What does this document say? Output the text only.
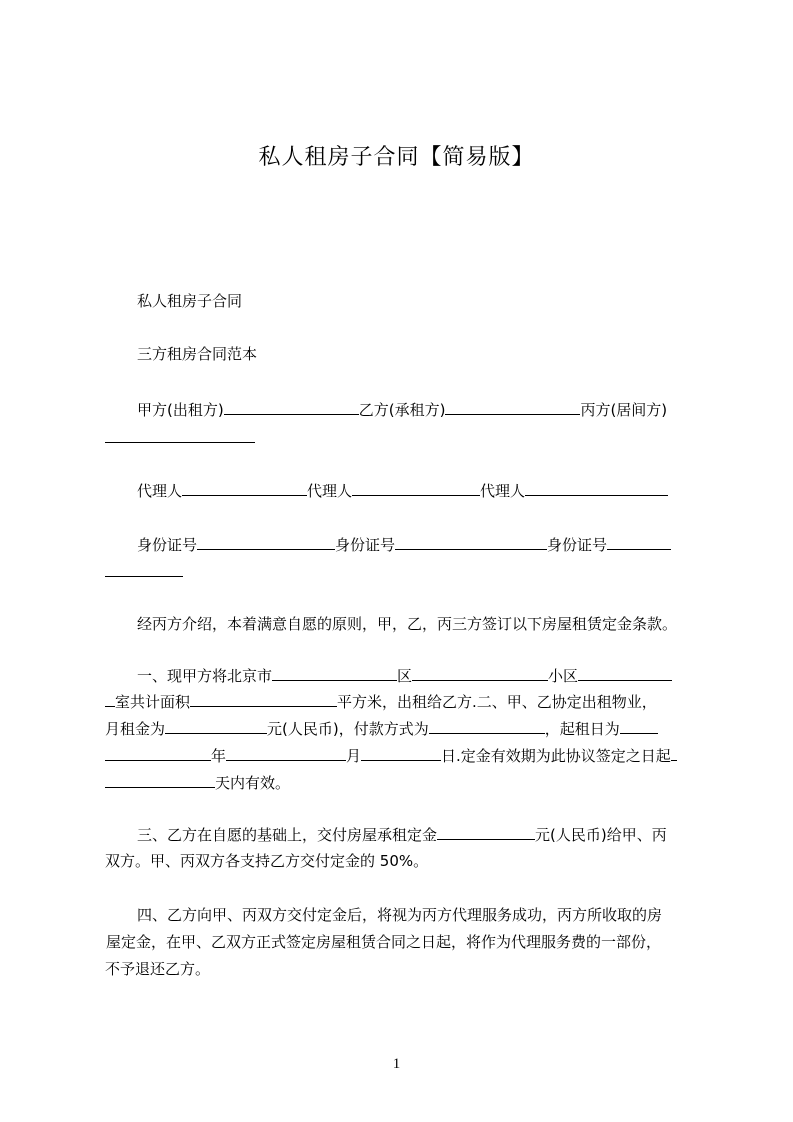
私人租房子合同【简易版】
私人租房子合同
三方租房合同范本
甲方(出租方)	乙方(承租方)	丙方(居间方)
代理人	代理人	代理人
身份证号	身份证号	身份证号
经丙方介绍，本着满意自愿的原则，甲，乙，丙三方签订以下房屋租赁定金条款。
一、现甲方将北京市	区	小区
室共计面积	平方米，出租给乙方.二、甲、乙协定出租物业，
月租金为	元(人民币)，付款方式为	，起租日为
年	月	日.定金有效期为此协议签定之日起
天内有效。
三、乙方在自愿的基础上，交付房屋承租定金	元(人民币)给甲、丙
双方。甲、丙双方各支持乙方交付定金的 50%。
四、乙方向甲、丙双方交付定金后，将视为丙方代理服务成功，丙方所收取的房
屋定金，在甲、乙双方正式签定房屋租赁合同之日起，将作为代理服务费的一部份，
不予退还乙方。
1
